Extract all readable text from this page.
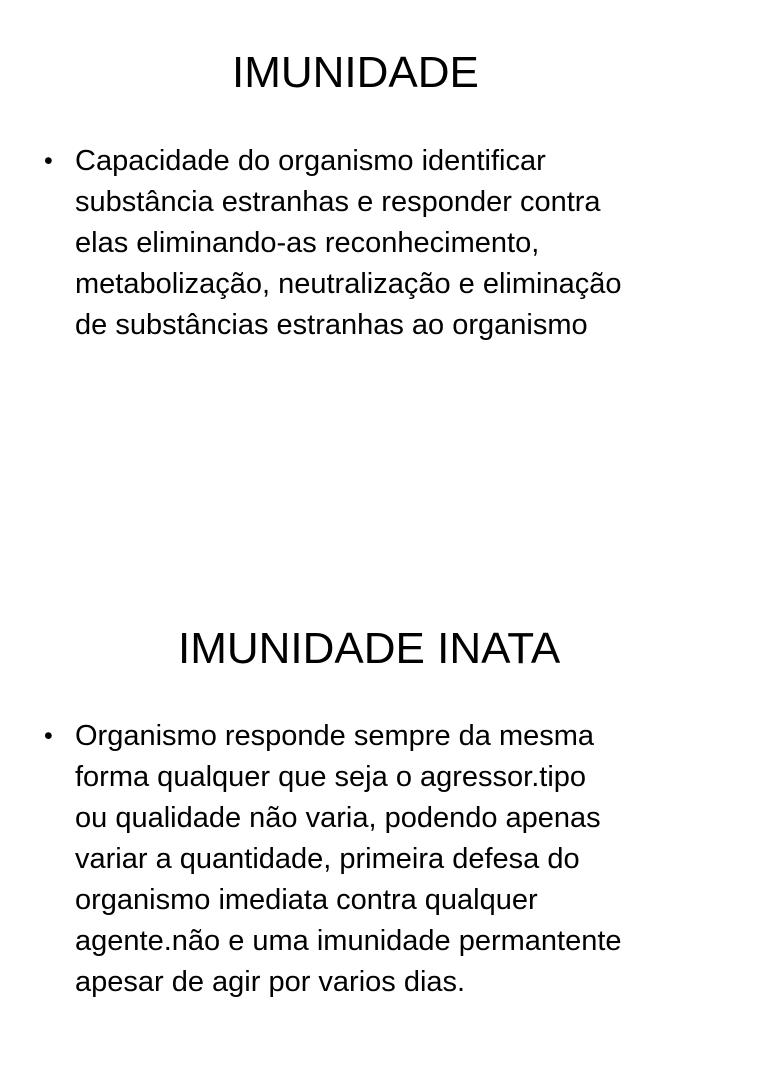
IMUNIDADE
• Capacidade do organismo identificar
substância estranhas e responder contra
elas eliminando-as reconhecimento,
metabolização, neutralização e eliminação
de substâncias estranhas ao organismo
IMUNIDADE INATA
• Organismo responde sempre da mesma
forma qualquer que seja o agressor.tipo
ou qualidade não varia, podendo apenas
variar a quantidade, primeira defesa do
organismo imediata contra qualquer
agente.não e uma imunidade permantente
apesar de agir por varios dias.
